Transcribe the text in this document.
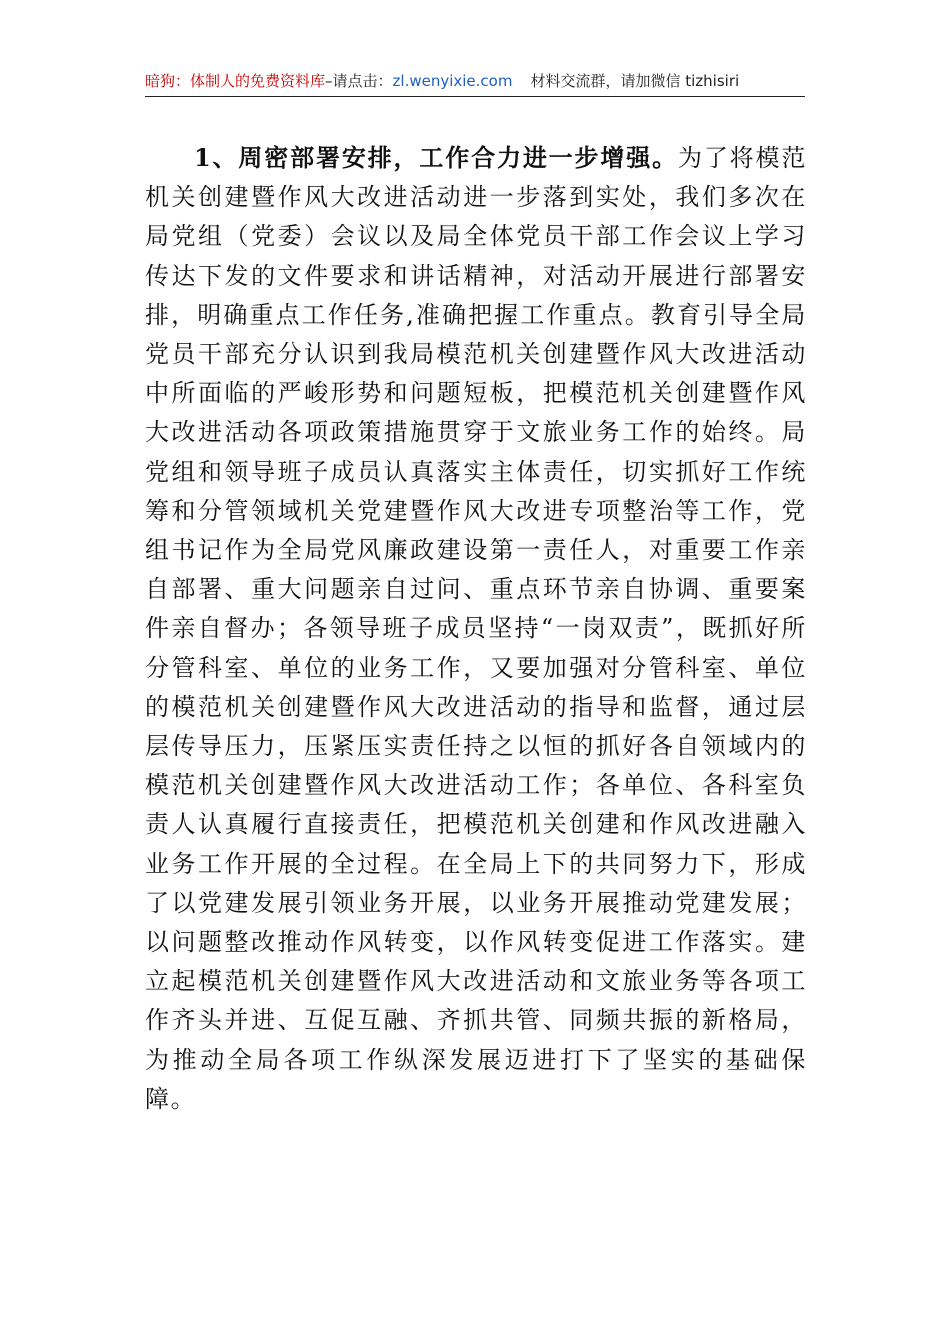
暗狗：体制人的免费资料库–请点击：zl.wenyixie.com 材料交流群，请加微信 tizhisiri

1、周密部署安排，工作合力进一步增强。为了将模范机关创建暨作风大改进活动进一步落到实处，我们多次在局党组（党委）会议以及局全体党员干部工作会议上学习传达下发的文件要求和讲话精神，对活动开展进行部署安排，明确重点工作任务,准确把握工作重点。教育引导全局党员干部充分认识到我局模范机关创建暨作风大改进活动中所面临的严峻形势和问题短板，把模范机关创建暨作风大改进活动各项政策措施贯穿于文旅业务工作的始终。局党组和领导班子成员认真落实主体责任，切实抓好工作统筹和分管领域机关党建暨作风大改进专项整治等工作，党组书记作为全局党风廉政建设第一责任人，对重要工作亲自部署、重大问题亲自过问、重点环节亲自协调、重要案件亲自督办；各领导班子成员坚持“一岗双责”，既抓好所分管科室、单位的业务工作，又要加强对分管科室、单位的模范机关创建暨作风大改进活动的指导和监督，通过层层传导压力，压紧压实责任持之以恒的抓好各自领域内的模范机关创建暨作风大改进活动工作；各单位、各科室负责人认真履行直接责任，把模范机关创建和作风改进融入业务工作开展的全过程。在全局上下的共同努力下，形成了以党建发展引领业务开展，以业务开展推动党建发展；以问题整改推动作风转变，以作风转变促进工作落实。建立起模范机关创建暨作风大改进活动和文旅业务等各项工作齐头并进、互促互融、齐抓共管、同频共振的新格局，为推动全局各项工作纵深发展迈进打下了坚实的基础保障。
